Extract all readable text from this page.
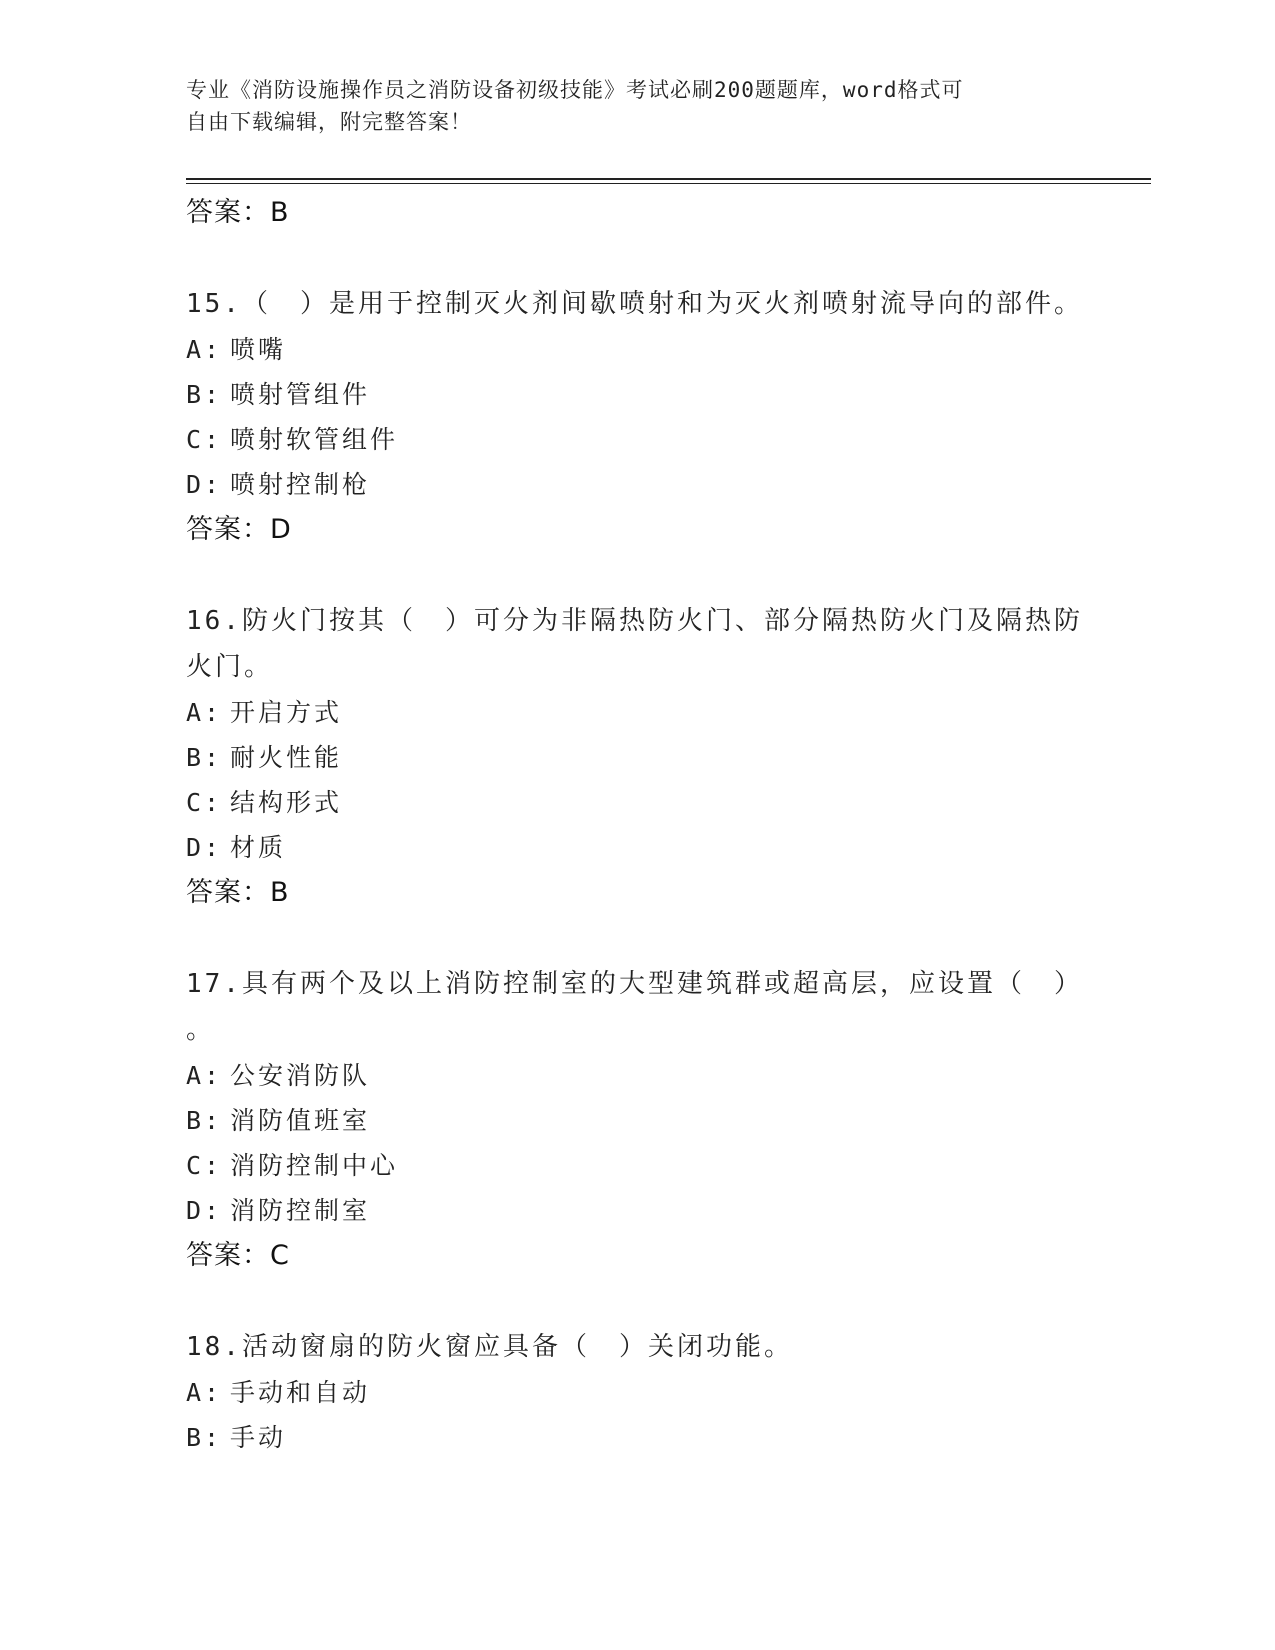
专业《消防设施操作员之消防设备初级技能》考试必刷200题题库，word格式可
自由下载编辑，附完整答案！
答案：B
15.（　）是用于控制灭火剂间歇喷射和为灭火剂喷射流导向的部件。
A: 喷嘴
B: 喷射管组件
C: 喷射软管组件
D: 喷射控制枪
答案：D
16.防火门按其（　）可分为非隔热防火门、部分隔热防火门及隔热防
火门。
A: 开启方式
B: 耐火性能
C: 结构形式
D: 材质
答案：B
17.具有两个及以上消防控制室的大型建筑群或超高层，应设置（　）
。
A: 公安消防队
B: 消防值班室
C: 消防控制中心
D: 消防控制室
答案：C
18.活动窗扇的防火窗应具备（　）关闭功能。
A: 手动和自动
B: 手动
